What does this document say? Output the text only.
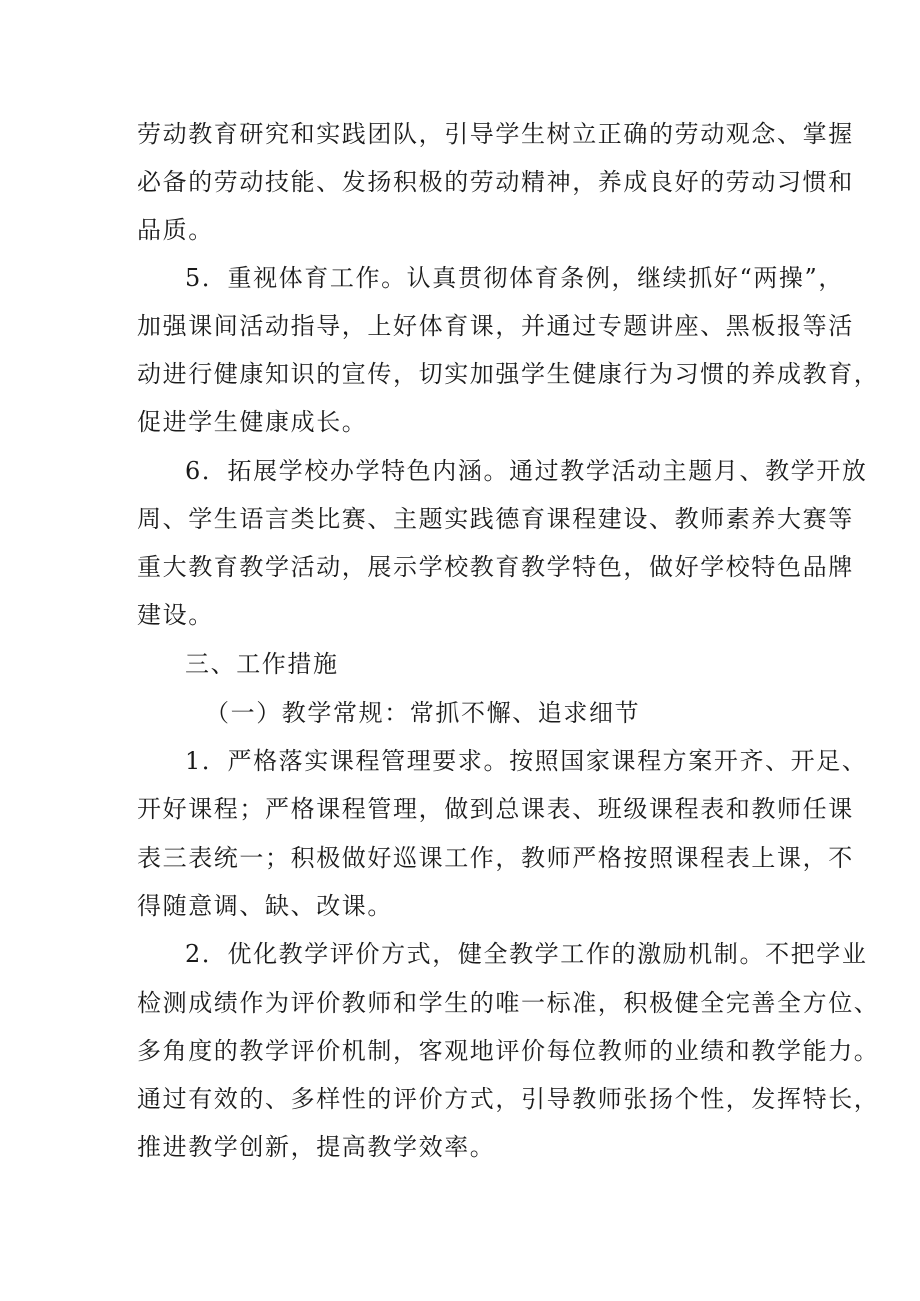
劳动教育研究和实践团队，引导学生树立正确的劳动观念、掌握

必备的劳动技能、发扬积极的劳动精神，养成良好的劳动习惯和

品质。

5．重视体育工作。认真贯彻体育条例，继续抓好“两操”，

加强课间活动指导，上好体育课，并通过专题讲座、黑板报等活

动进行健康知识的宣传，切实加强学生健康行为习惯的养成教育，

促进学生健康成长。

6．拓展学校办学特色内涵。通过教学活动主题月、教学开放

周、学生语言类比赛、主题实践德育课程建设、教师素养大赛等

重大教育教学活动，展示学校教育教学特色，做好学校特色品牌

建设。

三、工作措施

（一）教学常规：常抓不懈、追求细节

1．严格落实课程管理要求。按照国家课程方案开齐、开足、

开好课程；严格课程管理，做到总课表、班级课程表和教师任课

表三表统一；积极做好巡课工作，教师严格按照课程表上课，不

得随意调、缺、改课。

2．优化教学评价方式，健全教学工作的激励机制。不把学业

检测成绩作为评价教师和学生的唯一标准，积极健全完善全方位、

多角度的教学评价机制，客观地评价每位教师的业绩和教学能力。

通过有效的、多样性的评价方式，引导教师张扬个性，发挥特长，

推进教学创新，提高教学效率。
